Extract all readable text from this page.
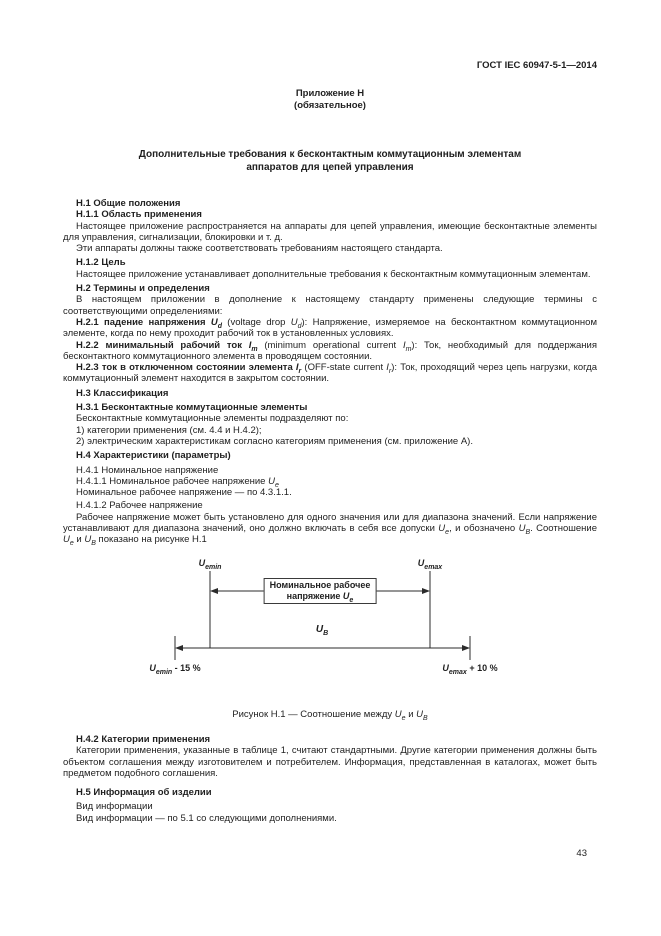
ГОСТ IEC 60947-5-1—2014
Приложение Н
(обязательное)
Дополнительные требования к бесконтактным коммутационным элементам
аппаратов для цепей управления
Н.1 Общие положения
Н.1.1 Область применения
Настоящее приложение распространяется на аппараты для цепей управления, имеющие бесконтактные элементы для управления, сигнализации, блокировки и т. д.
Эти аппараты должны также соответствовать требованиям настоящего стандарта.
Н.1.2 Цель
Настоящее приложение устанавливает дополнительные требования к бесконтактным коммутационным элементам.
Н.2 Термины и определения
В настоящем приложении в дополнение к настоящему стандарту применены следующие термины с соответствующими определениями:
Н.2.1 падение напряжения $U_d$ (voltage drop $U_d$): Напряжение, измеряемое на бесконтактном коммутационном элементе, когда по нему проходит рабочий ток в установленных условиях.
Н.2.2 минимальный рабочий ток $I_m$ (minimum operational current $I_m$): Ток, необходимый для поддержания бесконтактного коммутационного элемента в проводящем состоянии.
Н.2.3 ток в отключенном состоянии элемента $I_r$ (OFF-state current $I_r$): Ток, проходящий через цепь нагрузки, когда коммутационный элемент находится в закрытом состоянии.
Н.3 Классификация
Н.3.1 Бесконтактные коммутационные элементы
Бесконтактные коммутационные элементы подразделяют по:
1) категории применения (см. 4.4 и Н.4.2);
2) электрическим характеристикам согласно категориям применения (см. приложение А).
Н.4 Характеристики (параметры)
Н.4.1 Номинальное напряжение
Н.4.1.1 Номинальное рабочее напряжение $U_e$
Номинальное рабочее напряжение — по 4.3.1.1.
Н.4.1.2 Рабочее напряжение
Рабочее напряжение может быть установлено для одного значения или для диапазона значений. Если напряжение устанавливают для диапазона значений, оно должно включать в себя все допуски $U_e$, и обозначено $U_В$. Соотношение $U_e$ и $U_В$ показано на рисунке Н.1
$U_{emin}$	$U_{emax}$
Номинальное рабочее
напряжение $U_e$
$U_В$
$U_{emin} - 15$ %	$U_{emax} + 10$ %
Рисунок Н.1 — Соотношение между $U_e$ и $U_В$
Н.4.2 Категории применения
Категории применения, указанные в таблице 1, считают стандартными. Другие категории применения должны быть объектом соглашения между изготовителем и потребителем. Информация, представленная в каталогах, может быть предметом подобного соглашения.
Н.5 Информация об изделии
Вид информации
Вид информации — по 5.1 со следующими дополнениями.
43
